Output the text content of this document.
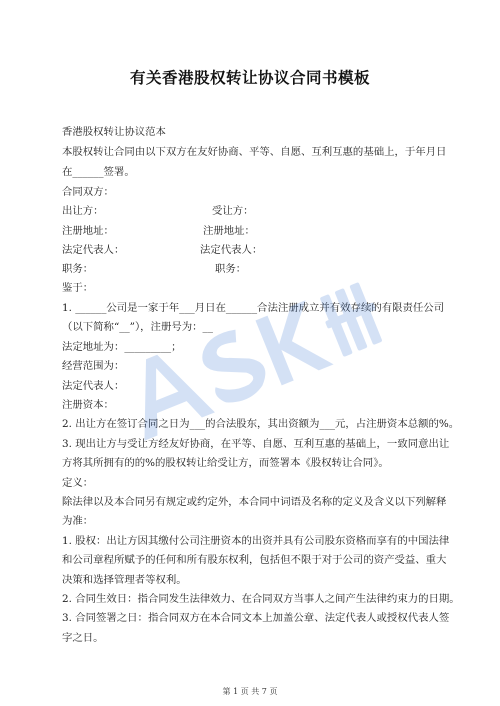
有关香港股权转让协议合同书模板
香港股权转让协议范本
本股权转让合同由以下双方在友好协商、平等、自愿、互利互惠的基础上，于年月日
在______签署。
合同双方：
出让方：	受让方：
注册地址：	注册地址：
法定代表人：	法定代表人：
职务：	职务：
鉴于：
1. ______公司是一家于年___月日在______合法注册成立并有效存续的有限责任公司
（以下简称“__”），注册号为：__
法定地址为：_________；
经营范围为：
法定代表人：
注册资本：
2. 出让方在签订合同之日为___的合法股东，其出资额为___元，占注册资本总额的%。
3. 现出让方与受让方经友好协商，在平等、自愿、互利互惠的基础上，一致同意出让
方将其所拥有的的%的股权转让给受让方，而签署本《股权转让合同》。
定义：
除法律以及本合同另有规定或约定外，本合同中词语及名称的定义及含义以下列解释
为准：
1. 股权：出让方因其缴付公司注册资本的出资并具有公司股东资格而享有的中国法律
和公司章程所赋予的任何和所有股东权利，包括但不限于对于公司的资产受益、重大
决策和选择管理者等权利。
2. 合同生效日：指合同发生法律效力、在合同双方当事人之间产生法律约束力的日期。
3. 合同签署之日：指合同双方在本合同文本上加盖公章、法定代表人或授权代表人签
字之日。
第 1 页 共 7 页
